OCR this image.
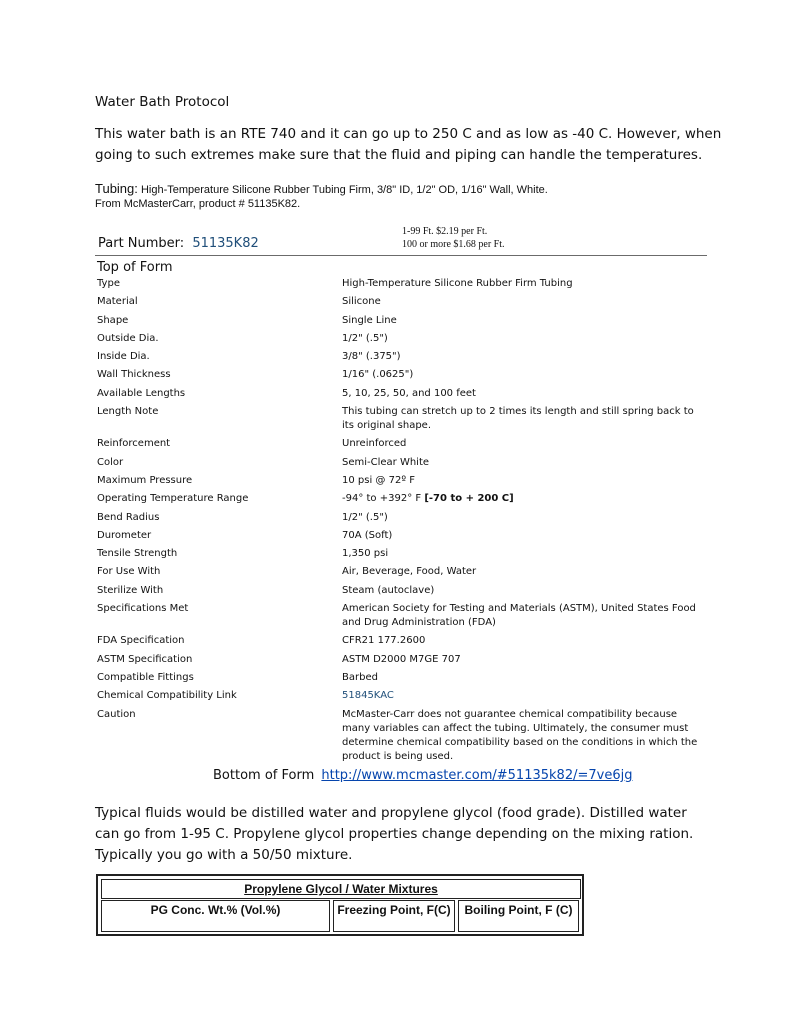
Water Bath Protocol
This water bath is an RTE 740 and it can go up to 250 C and as low as -40 C. However, when going to such extremes make sure that the fluid and piping can handle the temperatures.
Tubing: High-Temperature Silicone Rubber Tubing Firm, 3/8" ID, 1/2" OD, 1/16" Wall, White.
From McMasterCarr, product # 51135K82.
Part Number: 51135K82
1-99 Ft. $2.19 per Ft.
100 or more $1.68 per Ft.
Top of Form
Type	High-Temperature Silicone Rubber Firm Tubing
Material	Silicone
Shape	Single Line
Outside Dia.	1/2" (.5")
Inside Dia.	3/8" (.375")
Wall Thickness	1/16" (.0625")
Available Lengths	5, 10, 25, 50, and 100 feet
Length Note	This tubing can stretch up to 2 times its length and still spring back to its original shape.
Reinforcement	Unreinforced
Color	Semi-Clear White
Maximum Pressure	10 psi @ 72º F
Operating Temperature Range	-94° to +392° F [-70 to + 200 C]
Bend Radius	1/2" (.5")
Durometer	70A (Soft)
Tensile Strength	1,350 psi
For Use With	Air, Beverage, Food, Water
Sterilize With	Steam (autoclave)
Specifications Met	American Society for Testing and Materials (ASTM), United States Food and Drug Administration (FDA)
FDA Specification	CFR21 177.2600
ASTM Specification	ASTM D2000 M7GE 707
Compatible Fittings	Barbed
Chemical Compatibility Link	51845KAC
Caution	McMaster-Carr does not guarantee chemical compatibility because many variables can affect the tubing. Ultimately, the consumer must determine chemical compatibility based on the conditions in which the product is being used.
Bottom of Form http://www.mcmaster.com/#51135k82/=7ve6jg
Typical fluids would be distilled water and propylene glycol (food grade). Distilled water can go from 1-95 C. Propylene glycol properties change depending on the mixing ration. Typically you go with a 50/50 mixture.
Propylene Glycol / Water Mixtures
PG Conc. Wt.% (Vol.%)	Freezing Point, F(C)	Boiling Point, F (C)
